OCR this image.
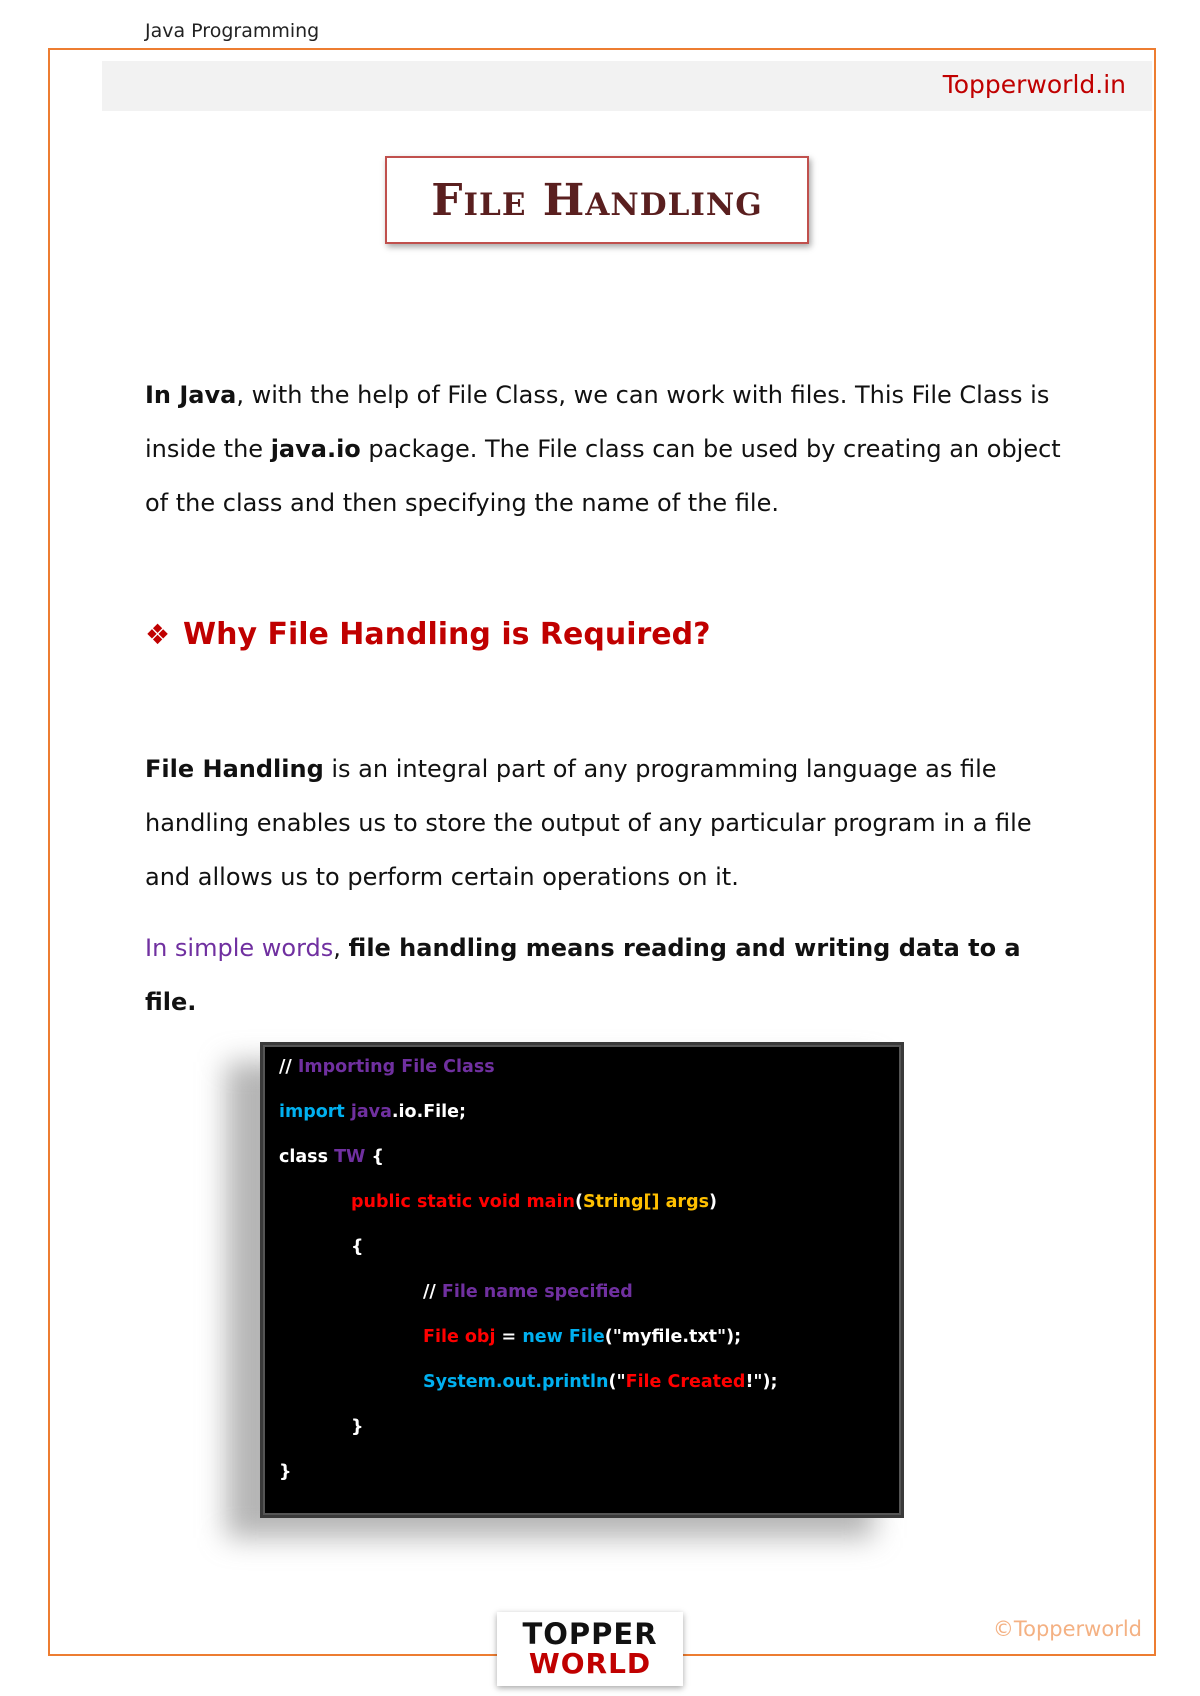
Java Programming
Topperworld.in
File Handling

In Java, with the help of File Class, we can work with files. This File Class is inside the java.io package. The File class can be used by creating an object of the class and then specifying the name of the file.

❖ Why File Handling is Required?

File Handling is an integral part of any programming language as file handling enables us to store the output of any particular program in a file and allows us to perform certain operations on it.

In simple words, file handling means reading and writing data to a file.

// Importing File Class
import java.io.File;
class TW {
public static void main(String[] args)
{
// File name specified
File obj = new File("myfile.txt");
System.out.println("File Created!");
}
}
©Topperworld
TOPPER
WORLD
